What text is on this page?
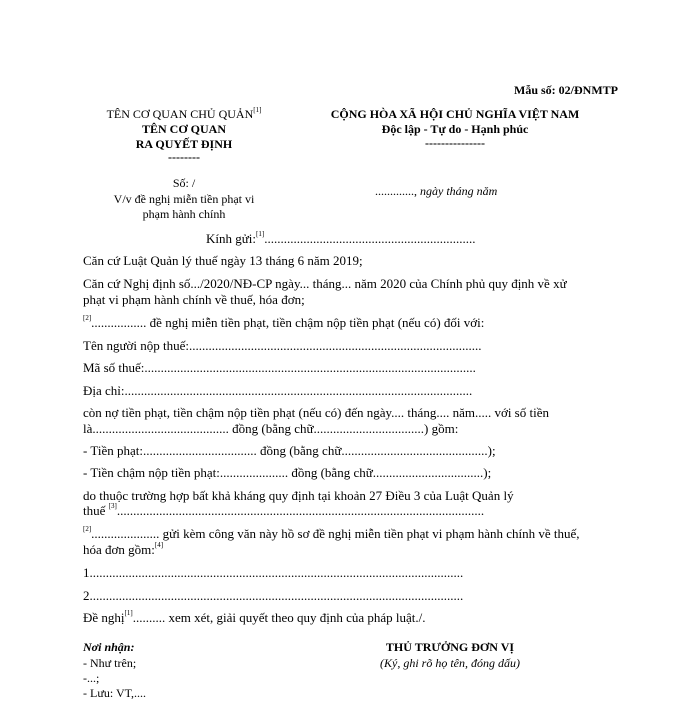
Mẫu số: 02/ĐNMTP
TÊN CƠ QUAN CHỦ QUẢN[1]
TÊN CƠ QUAN
RA QUYẾT ĐỊNH
--------
Số: /
V/v đề nghị miễn tiền phạt vi
phạm hành chính
CỘNG HÒA XÃ HỘI CHỦ NGHĨA VIỆT NAM
Độc lập - Tự do - Hạnh phúc
---------------
............., ngày tháng năm
Kính gửi:[1].................................................................
Căn cứ Luật Quản lý thuế ngày 13 tháng 6 năm 2019;
Căn cứ Nghị định số.../2020/NĐ-CP ngày... tháng... năm 2020 của Chính phủ quy định về xử
phạt vi phạm hành chính về thuế, hóa đơn;
[2]................. đề nghị miễn tiền phạt, tiền chậm nộp tiền phạt (nếu có) đối với:
Tên người nộp thuế:..........................................................................................
Mã số thuế:......................................................................................................
Địa chỉ:...........................................................................................................
còn nợ tiền phạt, tiền chậm nộp tiền phạt (nếu có) đến ngày.... tháng.... năm..... với số tiền
là.......................................... đồng (bằng chữ..................................) gồm:
- Tiền phạt:................................... đồng (bằng chữ.............................................);
- Tiền chậm nộp tiền phạt:..................... đồng (bằng chữ..................................);
do thuộc trường hợp bất khả kháng quy định tại khoản 27 Điều 3 của Luật Quản lý
thuế [3].................................................................................................................
[2]..................... gửi kèm công văn này hồ sơ đề nghị miễn tiền phạt vi phạm hành chính về thuế,
hóa đơn gồm:[4]
1...................................................................................................................
2...................................................................................................................
Đề nghị[1].......... xem xét, giải quyết theo quy định của pháp luật./.
Nơi nhận:
- Như trên;
-...;
- Lưu: VT,....
THỦ TRƯỞNG ĐƠN VỊ
(Ký, ghi rõ họ tên, đóng dấu)
